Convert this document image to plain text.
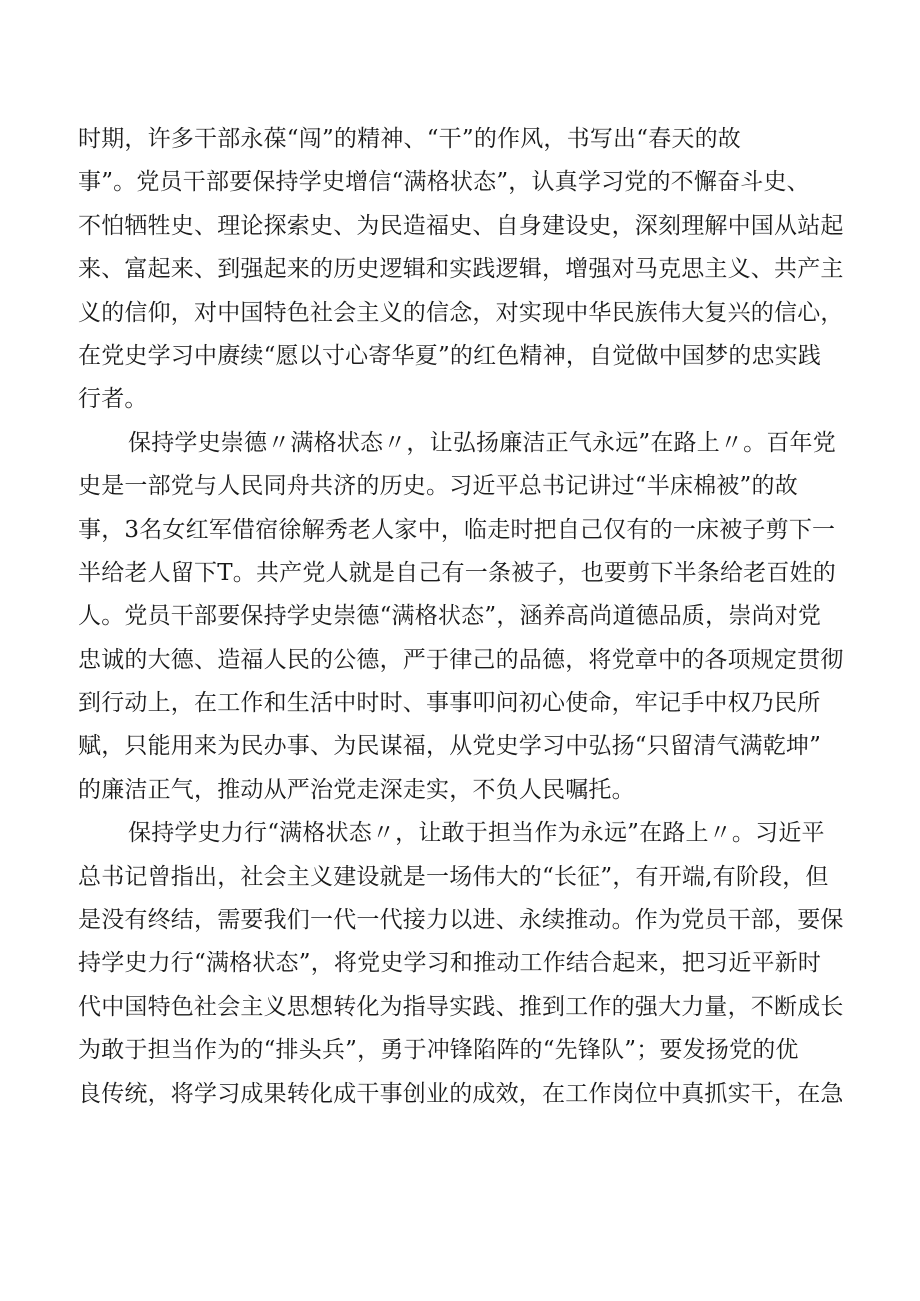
时期，许多干部永葆“闯”的精神、“干”的作风，书写出“春天的故
事”。党员干部要保持学史增信“满格状态”，认真学习党的不懈奋斗史、
不怕牺牲史、理论探索史、为民造福史、自身建设史，深刻理解中国从站起
来、富起来、到强起来的历史逻辑和实践逻辑，增强对马克思主义、共产主
义的信仰，对中国特色社会主义的信念，对实现中华民族伟大复兴的信心，
在党史学习中赓续“愿以寸心寄华夏”的红色精神，自觉做中国梦的忠实践
行者。
保持学史崇德〃满格状态〃，让弘扬廉洁正气永远”在路上〃。百年党
史是一部党与人民同舟共济的历史。习近平总书记讲过“半床棉被”的故
事，3名女红军借宿徐解秀老人家中，临走时把自己仅有的一床被子剪下一
半给老人留下T。共产党人就是自己有一条被子，也要剪下半条给老百姓的
人。党员干部要保持学史崇德“满格状态”，涵养高尚道德品质，崇尚对党
忠诚的大德、造福人民的公德，严于律己的品德，将党章中的各项规定贯彻
到行动上，在工作和生活中时时、事事叩问初心使命，牢记手中权乃民所
赋，只能用来为民办事、为民谋福，从党史学习中弘扬“只留清气满乾坤”
的廉洁正气，推动从严治党走深走实，不负人民嘱托。
保持学史力行“满格状态〃，让敢于担当作为永远”在路上〃。习近平
总书记曾指出，社会主义建设就是一场伟大的“长征”，有开端,有阶段，但
是没有终结，需要我们一代一代接力以进、永续推动。作为党员干部，要保
持学史力行“满格状态”，将党史学习和推动工作结合起来，把习近平新时
代中国特色社会主义思想转化为指导实践、推到工作的强大力量，不断成长
为敢于担当作为的“排头兵”，勇于冲锋陷阵的“先锋队”；要发扬党的优
良传统，将学习成果转化成干事创业的成效，在工作岗位中真抓实干，在急
